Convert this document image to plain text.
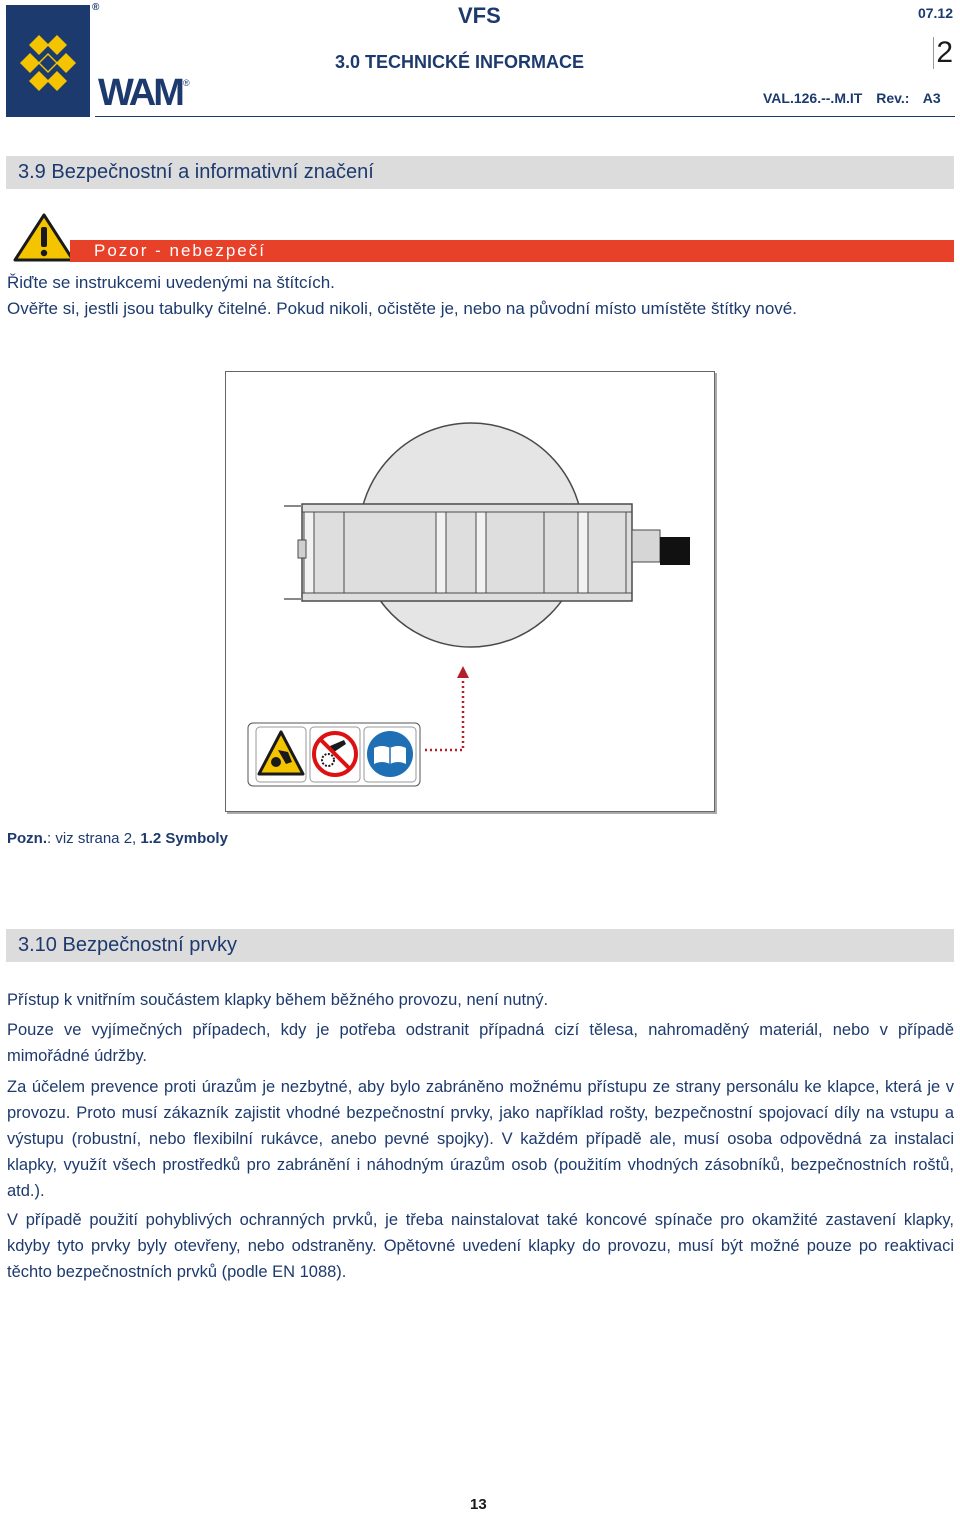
®
WAM ®
VFS	07.12
3.0 TECHNICKÉ INFORMACE	2
VAL.126.--.M.IT Rev.: A3
3.9 Bezpečnostní a informativní značení
Pozor - nebezpečí
Řiďte se instrukcemi uvedenými na štítcích.
Ověřte si, jestli jsou tabulky čitelné. Pokud nikoli, očistěte je, nebo na původní místo umístěte štítky nové.
Pozn.: viz strana 2, 1.2 Symboly
3.10 Bezpečnostní prvky
Přístup k vnitřním součástem klapky během běžného provozu, není nutný.
Pouze ve vyjímečných případech, kdy je potřeba odstranit případná cizí tělesa, nahromaděný materiál, nebo v případě mimořádné údržby.
Za účelem prevence proti úrazům je nezbytné, aby bylo zabráněno možnému přístupu ze strany personálu ke klapce, která je v provozu. Proto musí zákazník zajistit vhodné bezpečnostní prvky, jako například rošty, bezpečnostní spojovací díly na vstupu a výstupu (robustní, nebo flexibilní rukávce, anebo pevné spojky). V každém případě ale, musí osoba odpovědná za instalaci klapky, využít všech prostředků pro zabránění i náhodným úrazům osob (použitím vhodných zásobníků, bezpečnostních roštů, atd.).
V případě použití pohyblivých ochranných prvků, je třeba nainstalovat také koncové spínače pro okamžité zastavení klapky, kdyby tyto prvky byly otevřeny, nebo odstraněny. Opětovné uvedení klapky do provozu, musí být možné pouze po reaktivaci těchto bezpečnostních prvků (podle EN 1088).
13
